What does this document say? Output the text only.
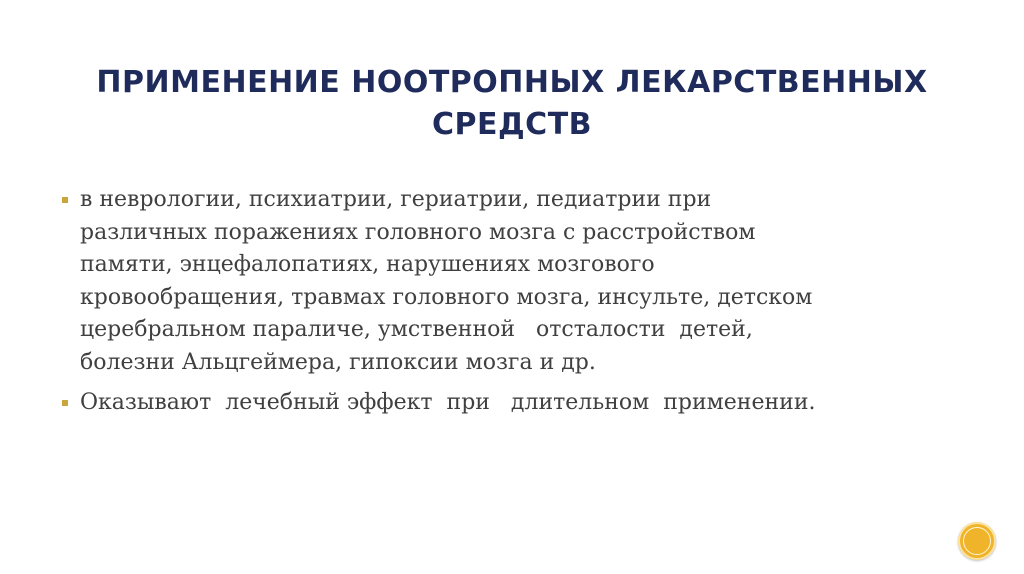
ПРИМЕНЕНИЕ НООТРОПНЫХ ЛЕКАРСТВЕННЫХ
СРЕДСТВ
в неврологии, психиатрии, гериатрии, педиатрии при
различных поражениях головного мозга с расстройством
памяти, энцефалопатиях, нарушениях мозгового
кровообращения, травмах головного мозга, инсульте, детском
церебральном параличе, умственной   отсталости  детей,
болезни Альцгеймера, гипоксии мозга и др.
Оказывают  лечебный эффект  при   длительном  применении.
